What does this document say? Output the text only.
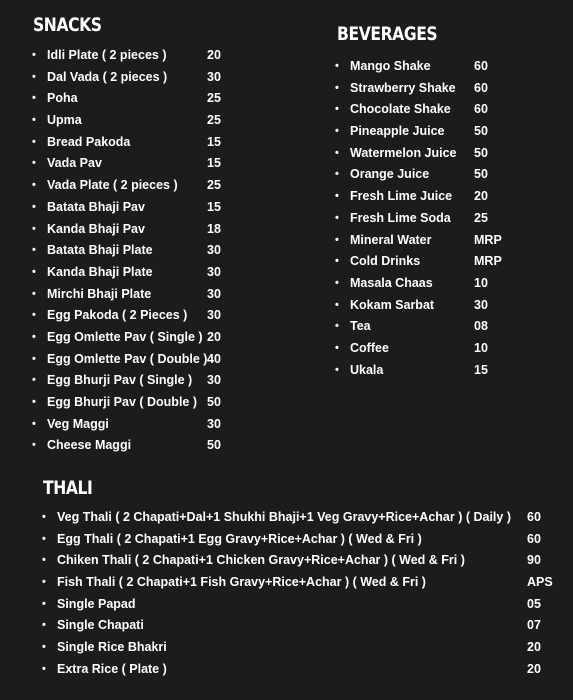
SNACKS
• Idli Plate ( 2 pieces )	20
• Dal Vada ( 2 pieces )	30
• Poha	25
• Upma	25
• Bread Pakoda	15
• Vada Pav	15
• Vada Plate ( 2 pieces ) 25
• Batata Bhaji Pav	15
• Kanda Bhaji Pav	18
• Batata Bhaji Plate	30
• Kanda Bhaji Plate	30
• Mirchi Bhaji Plate	30
• Egg Pakoda ( 2 Pieces ) 30
• Egg Omlette Pav ( Single ) 20
• Egg Omlette Pav ( Double ) 40
• Egg Bhurji Pav ( Single ) 30
• Egg Bhurji Pav ( Double ) 50
• Veg Maggi	30
• Cheese Maggi	50
BEVERAGES
• Mango Shake	60
• Strawberry Shake 60
• Chocolate Shake 60
• Pineapple Juice 50
• Watermelon Juice 50
• Orange Juice	50
• Fresh Lime Juice 20
• Fresh Lime Soda 25
• Mineral Water	MRP
• Cold Drinks	MRP
• Masala Chaas	10
• Kokam Sarbat	30
• Tea	08
• Coffee	10
• Ukala	15
THALI
• Veg Thali ( 2 Chapati+Dal+1 Shukhi Bhaji+1 Veg Gravy+Rice+Achar ) ( Daily ) 60
• Egg Thali ( 2 Chapati+1 Egg Gravy+Rice+Achar ) ( Wed & Fri )	60
• Chiken Thali ( 2 Chapati+1 Chicken Gravy+Rice+Achar ) ( Wed & Fri )	90
• Fish Thali ( 2 Chapati+1 Fish Gravy+Rice+Achar ) ( Wed & Fri )	APS
• Single Papad	05
• Single Chapati	07
• Single Rice Bhakri	20
• Extra Rice ( Plate )	20
